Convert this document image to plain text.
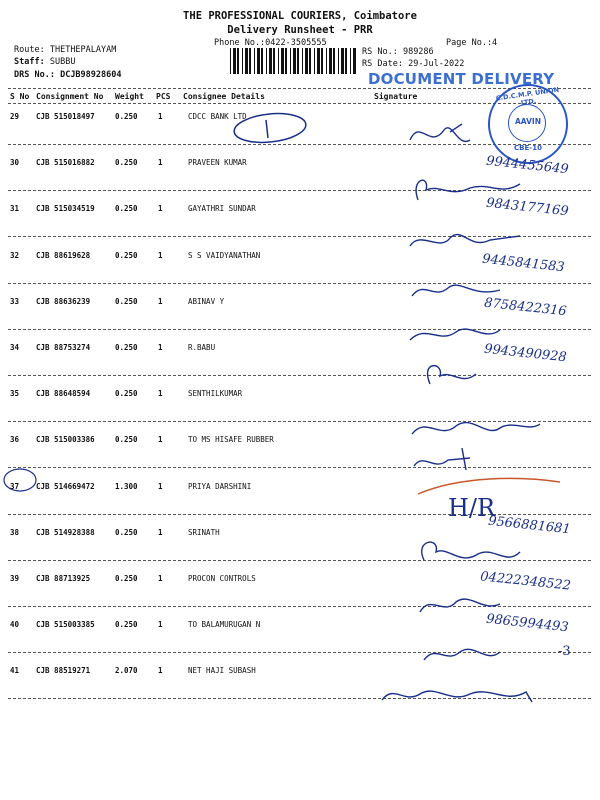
THE PROFESSIONAL COURIERS, Coimbatore
Delivery Runsheet - PRR
Phone No.:0422-3505555	Page No.:4
Route: THETHEPALAYAM
Staff: SUBBU
DRS No.: DCJB98928604
RS No.: 989286
RS Date: 29-Jul-2022
DOCUMENT DELIVERY
S No Consignment No Weight PCS Consignee Details	Signature
29 CJB 515018497	0.250	1	CDCC BANK LTD
30 CJB 515016882	0.250	1	PRAVEEN KUMAR
31 CJB 515034519	0.250	1	GAYATHRI SUNDAR
32 CJB 88619628	0.250	1	S S VAIDYANATHAN
33 CJB 88636239	0.250	1	ABINAV Y
34 CJB 88753274	0.250	1	R.BABU
35 CJB 88648594	0.250	1	SENTHILKUMAR
36 CJB 515003386	0.250	1	TO MS HISAFE RUBBER
37 CJB 514669472	1.300	1	PRIYA DARSHINI
38 CJB 514928388	0.250	1	SRINATH
39 CJB 88713925	0.250	1	PROCON CONTROLS
40 CJB 515003385	0.250	1	TO BALAMURUGAN N
41 CJB 88519271	2.070	1	NET HAJI SUBASH
C.D.C.M.P. UNION LTD.
AAVIN
CBE-10
9944455649
9843177169
9445841583
8758422316
9943490928
9566881681
04222348522
9865994493
H/R
-3
